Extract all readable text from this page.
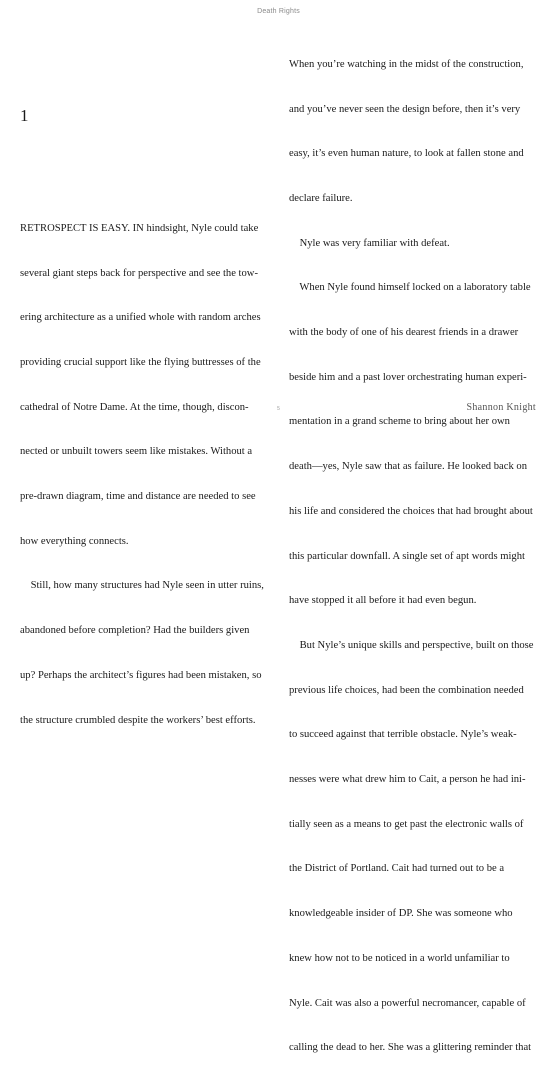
Death Rights
1

RETROSPECT IS EASY. IN hindsight, Nyle could take

several giant steps back for perspective and see the tow-

ering architecture as a unified whole with random arches

providing crucial support like the flying buttresses of the

cathedral of Notre Dame. At the time, though, discon-

nected or unbuilt towers seem like mistakes. Without a

pre-drawn diagram, time and distance are needed to see

how everything connects.

Still, how many structures had Nyle seen in utter ruins,

abandoned before completion? Had the builders given

up? Perhaps the architect’s figures had been mistaken, so

the structure crumbled despite the workers’ best efforts.

When you’re watching in the midst of the construction,

and you’ve never seen the design before, then it’s very

easy, it’s even human nature, to look at fallen stone and

declare failure.

Nyle was very familiar with defeat.

When Nyle found himself locked on a laboratory table

with the body of one of his dearest friends in a drawer

beside him and a past lover orchestrating human experi-

mentation in a grand scheme to bring about her own

death—yes, Nyle saw that as failure. He looked back on

his life and considered the choices that had brought about

this particular downfall. A single set of apt words might

have stopped it all before it had even begun.

But Nyle’s unique skills and perspective, built on those

previous life choices, had been the combination needed

to succeed against that terrible obstacle. Nyle’s weak-

nesses were what drew him to Cait, a person he had ini-

tially seen as a means to get past the electronic walls of

the District of Portland. Cait had turned out to be a

knowledgeable insider of DP. She was someone who

knew how not to be noticed in a world unfamiliar to

Nyle. Cait was also a powerful necromancer, capable of

calling the dead to her. She was a glittering reminder that

5	Shannon Knight
